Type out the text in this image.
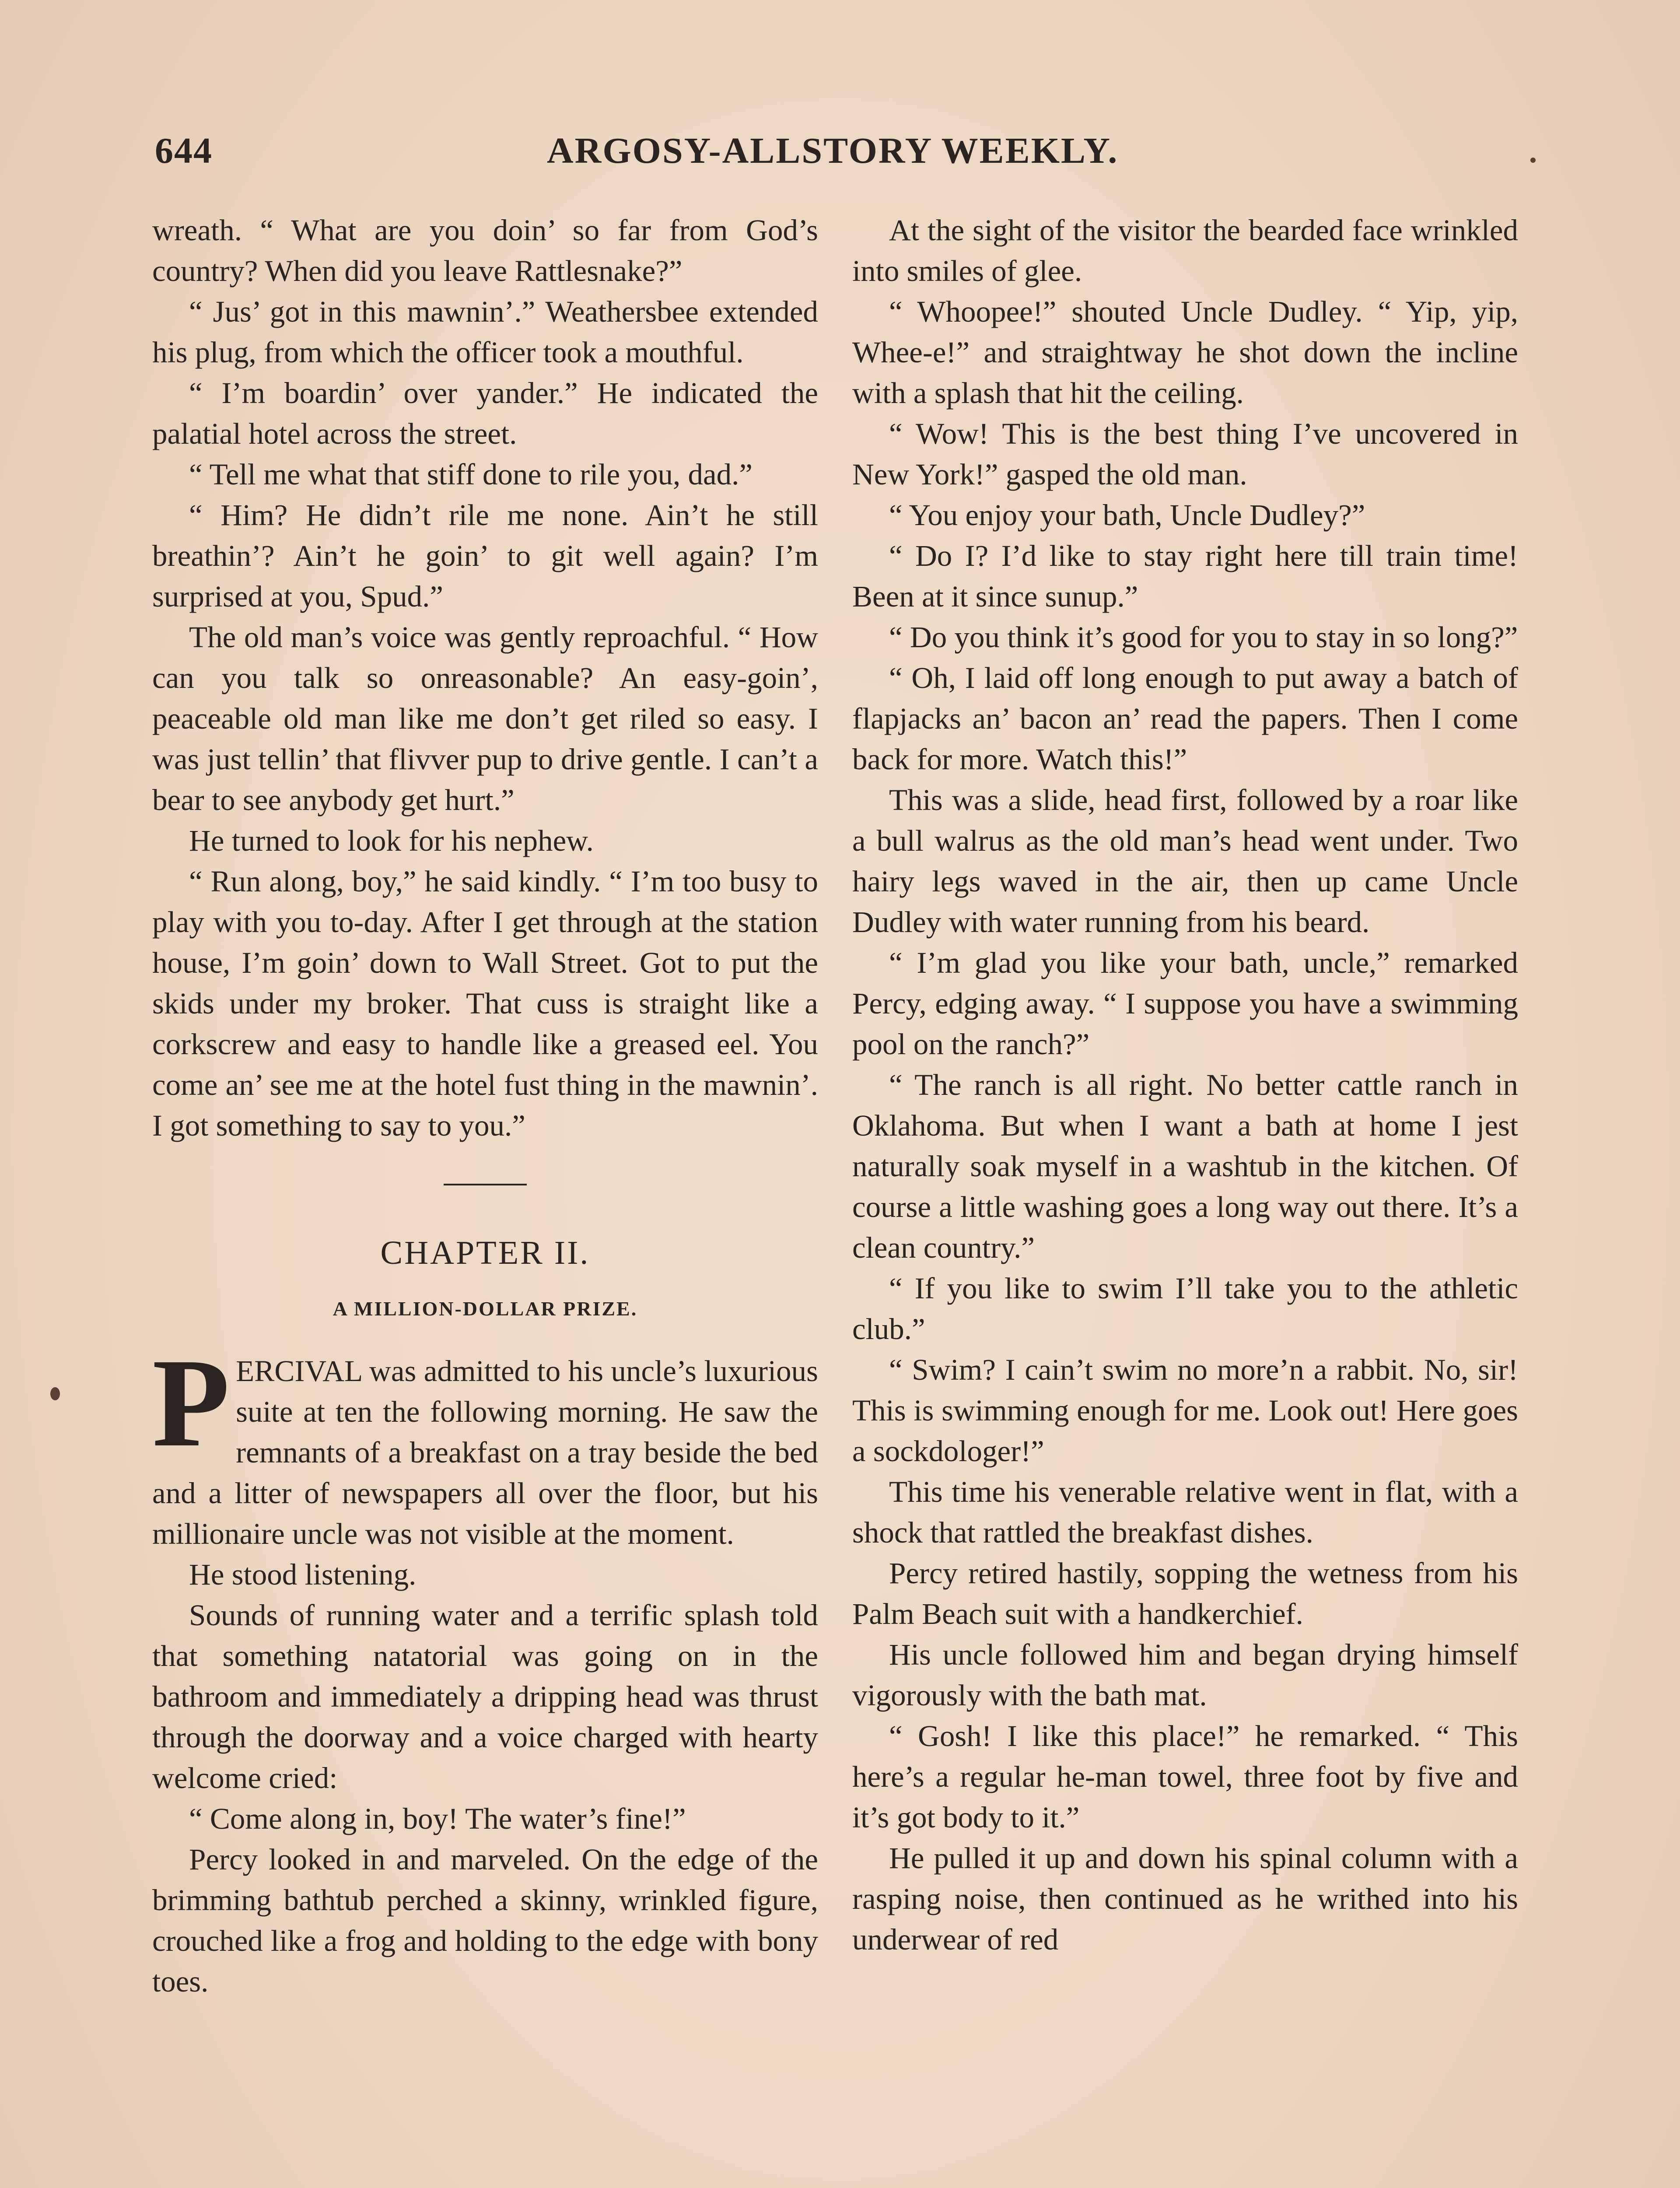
644	ARGOSY-ALLSTORY WEEKLY.

wreath. “ What are you doin’ so far from God’s country? When did you leave Rattlesnake?”

“ Jus’ got in this mawnin’.” Weathersbee extended his plug, from which the officer took a mouthful.

“ I’m boardin’ over yander.” He indicated the palatial hotel across the street.

“ Tell me what that stiff done to rile you, dad.”

“ Him? He didn’t rile me none. Ain’t he still breathin’? Ain’t he goin’ to git well again? I’m surprised at you, Spud.”

The old man’s voice was gently reproachful. “ How can you talk so onreasonable? An easy-goin’, peaceable old man like me don’t get riled so easy. I was just tellin’ that flivver pup to drive gentle. I can’t a bear to see anybody get hurt.”

He turned to look for his nephew.

“ Run along, boy,” he said kindly. “ I’m too busy to play with you to-day. After I get through at the station house, I’m goin’ down to Wall Street. Got to put the skids under my broker. That cuss is straight like a corkscrew and easy to handle like a greased eel. You come an’ see me at the hotel fust thing in the mawnin’. I got something to say to you.”

CHAPTER II.
A MILLION-DOLLAR PRIZE.

PERCIVAL was admitted to his uncle’s luxurious suite at ten the following morning. He saw the remnants of a breakfast on a tray beside the bed and a litter of newspapers all over the floor, but his millionaire uncle was not visible at the moment.

He stood listening.

Sounds of running water and a terrific splash told that something natatorial was going on in the bathroom and immediately a dripping head was thrust through the doorway and a voice charged with hearty welcome cried:

“ Come along in, boy! The water’s fine!”

Percy looked in and marveled. On the edge of the brimming bathtub perched a skinny, wrinkled figure, crouched like a frog and holding to the edge with bony toes.

At the sight of the visitor the bearded face wrinkled into smiles of glee.

“ Whoopee!” shouted Uncle Dudley. “ Yip, yip, Whee-e!” and straightway he shot down the incline with a splash that hit the ceiling.

“ Wow! This is the best thing I’ve uncovered in New York!” gasped the old man.

“ You enjoy your bath, Uncle Dudley?”

“ Do I? I’d like to stay right here till train time! Been at it since sunup.”

“ Do you think it’s good for you to stay in so long?”

“ Oh, I laid off long enough to put away a batch of flapjacks an’ bacon an’ read the papers. Then I come back for more. Watch this!”

This was a slide, head first, followed by a roar like a bull walrus as the old man’s head went under. Two hairy legs waved in the air, then up came Uncle Dudley with water running from his beard.

“ I’m glad you like your bath, uncle,” remarked Percy, edging away. “ I suppose you have a swimming pool on the ranch?”

“ The ranch is all right. No better cattle ranch in Oklahoma. But when I want a bath at home I jest naturally soak myself in a washtub in the kitchen. Of course a little washing goes a long way out there. It’s a clean country.”

“ If you like to swim I’ll take you to the athletic club.”

“ Swim? I cain’t swim no more’n a rabbit. No, sir! This is swimming enough for me. Look out! Here goes a sockdologer!”

This time his venerable relative went in flat, with a shock that rattled the breakfast dishes.

Percy retired hastily, sopping the wetness from his Palm Beach suit with a handkerchief.

His uncle followed him and began drying himself vigorously with the bath mat.

“ Gosh! I like this place!” he remarked. “ This here’s a regular he-man towel, three foot by five and it’s got body to it.”

He pulled it up and down his spinal column with a rasping noise, then continued as he writhed into his underwear of red
